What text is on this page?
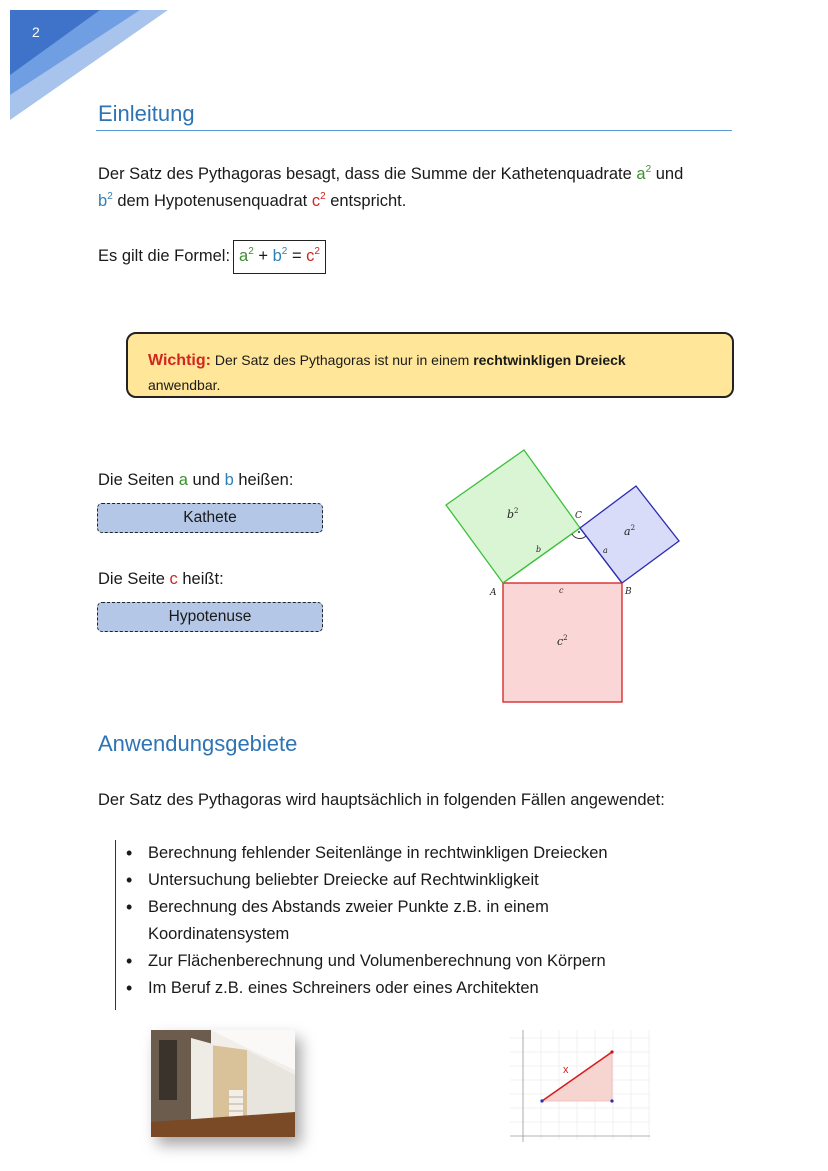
2
Einleitung
Der Satz des Pythagoras besagt, dass die Summe der Kathetenquadrate $a^2$ und
$b^2$ dem Hypotenusenquadrat $c^2$ entspricht.
Es gilt die Formel: $a^2 + b^2 = c^2$
Wichtig: Der Satz des Pythagoras ist nur in einem rechtwinkligen Dreieck
anwendbar.
Die Seiten a und b heißen:
Kathete
Die Seite c heißt:
Hypotenuse
C
A	B
b	a
c
$b^2$
$a^2$
$c^2$
Anwendungsgebiete
Der Satz des Pythagoras wird hauptsächlich in folgenden Fällen angewendet:
• Berechnung fehlender Seitenlänge in rechtwinkligen Dreiecken
• Untersuchung beliebter Dreiecke auf Rechtwinkligkeit
• Berechnung des Abstands zweier Punkte z.B. in einem Koordinatensystem
• Zur Flächenberechnung und Volumenberechnung von Körpern
• Im Beruf z.B. eines Schreiners oder eines Architekten
x
